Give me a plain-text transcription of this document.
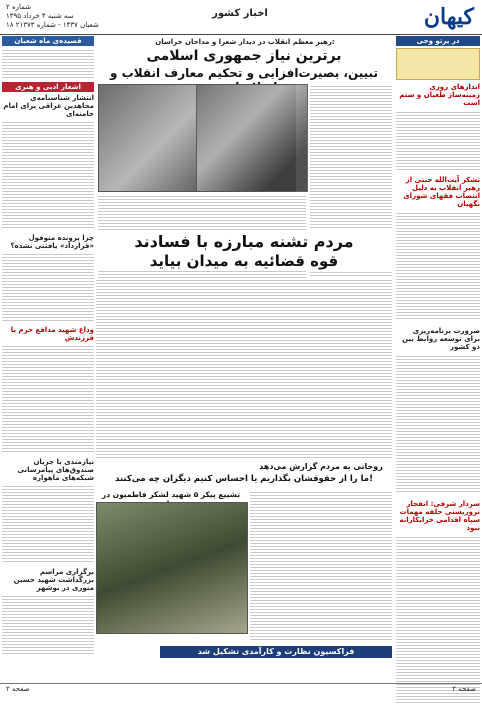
کیهان
اخبار کشور
شماره ۲
سه شنبه ۴ خرداد ۱۳۹۵
۱۸ شعبان ۱۴۳۷ - شماره ۲۱۳۷۳
در پرتو وحی
اندازهای روزی
زمینه‌ساز طغیان و ستم است
تشکر آیت‌الله جنتی از رهبر انقلاب به دلیل انتصاب فقهای شورای نگهبان
ضرورت برنامه‌ریزی برای توسعه روابط بین دو کشور
سردار شرقی: انفجار تروریستی حلقه مهمات سپاه اقدامی خرابکارانه نبود
رهبر معظم انقلاب در دیدار شعرا و مداحان خراسان:
برترین نیاز جمهوری اسلامی
تبیین، بصیرت‌افزایی و تحکیم معارف انقلاب و
مردم تشنه مبارزه با فسادند
قوه قضائیه به میدان بیاید
روحانی به مردم گزارش می‌دهد
ما را از حقوقشان بگذاریم یا احساس کنیم دیگران چه می‌کنند!
تشییع پیکر ۵ شهید لشکر فاطمیون در
فراکسیون نظارت و کارآمدی تشکیل شد
قصیده‌ی ماه شعبان
اشعار ادبی و هنری
انتشار شناسنامه‌ی مجاهدین عراقی برای امام خامنه‌ای
چرا پرونده منوفول «قرارداد» یافتنی نشده؟
وداع شهید مدافع حرم با فرزندش
نیازمندی با جریان صندوق‌های پیامرسانی شبکه‌های ماهواره
برگزاری مراسم بزرگداشت شهید حسین منوری در بوشهر
صفحه ۲	صفحه ۲
